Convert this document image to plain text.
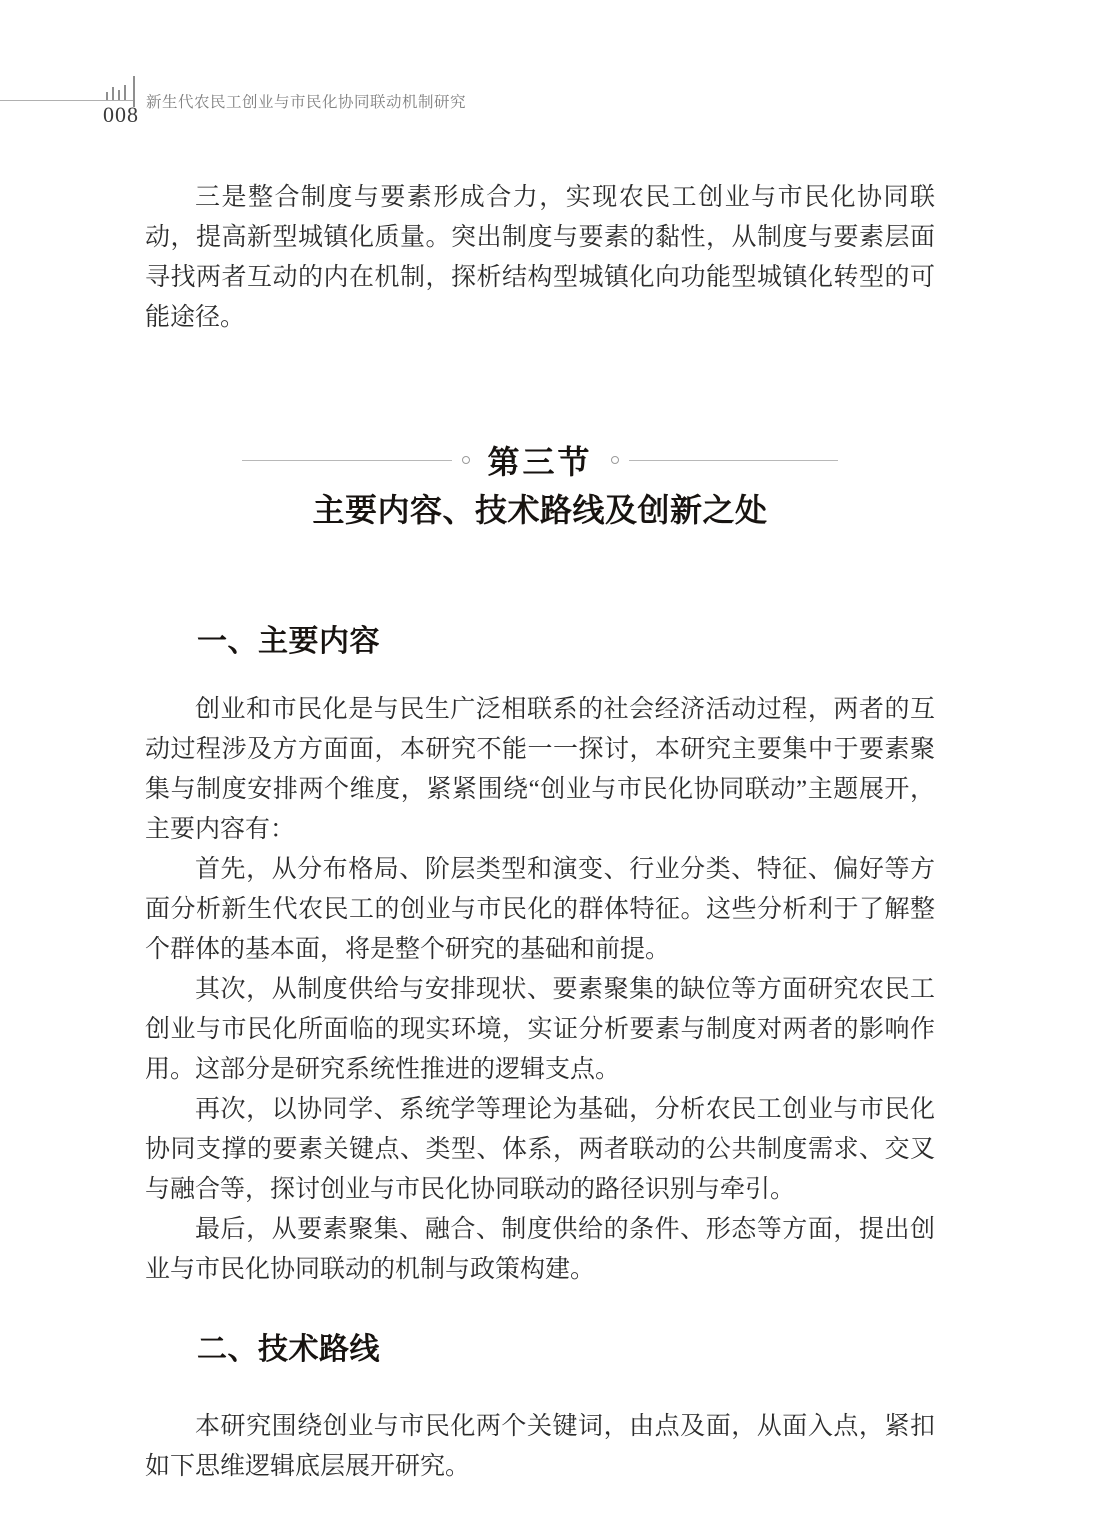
008 新生代农民工创业与市民化协同联动机制研究

三是整合制度与要素形成合力，实现农民工创业与市民化协同联动，提高新型城镇化质量。突出制度与要素的黏性，从制度与要素层面寻找两者互动的内在机制，探析结构型城镇化向功能型城镇化转型的可能途径。

第三节
主要内容、技术路线及创新之处
一、主要内容

创业和市民化是与民生广泛相联系的社会经济活动过程，两者的互动过程涉及方方面面，本研究不能一一探讨，本研究主要集中于要素聚集与制度安排两个维度，紧紧围绕“创业与市民化协同联动”主题展开，主要内容有：

首先，从分布格局、阶层类型和演变、行业分类、特征、偏好等方面分析新生代农民工的创业与市民化的群体特征。这些分析利于了解整个群体的基本面，将是整个研究的基础和前提。

其次，从制度供给与安排现状、要素聚集的缺位等方面研究农民工创业与市民化所面临的现实环境，实证分析要素与制度对两者的影响作用。这部分是研究系统性推进的逻辑支点。

再次，以协同学、系统学等理论为基础，分析农民工创业与市民化协同支撑的要素关键点、类型、体系，两者联动的公共制度需求、交叉与融合等，探讨创业与市民化协同联动的路径识别与牵引。

最后，从要素聚集、融合、制度供给的条件、形态等方面，提出创业与市民化协同联动的机制与政策构建。

二、技术路线

本研究围绕创业与市民化两个关键词，由点及面，从面入点，紧扣如下思维逻辑底层展开研究。
